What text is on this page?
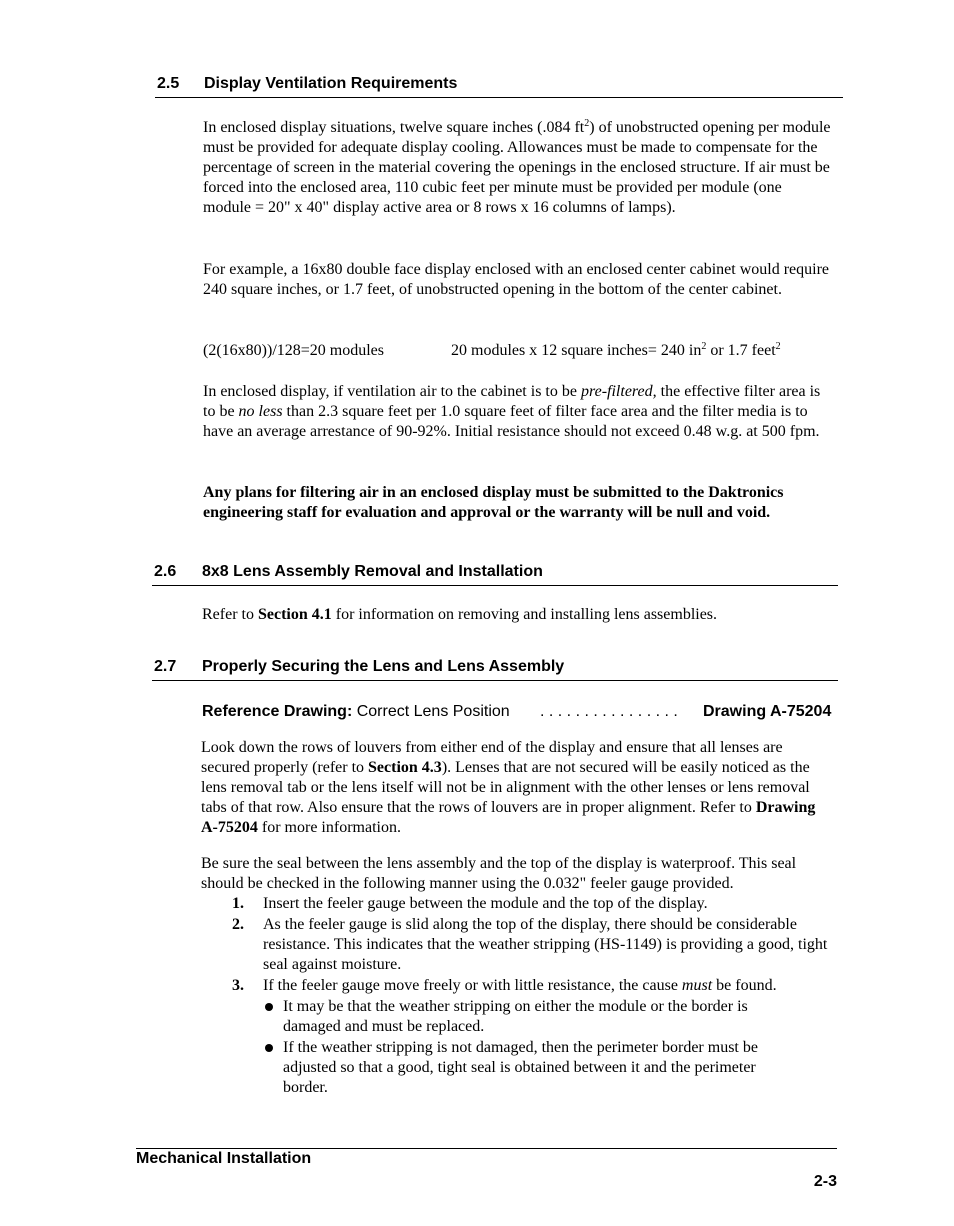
2.5 Display Ventilation Requirements

In enclosed display situations, twelve square inches (.084 $ft^2$) of unobstructed opening per module must be provided for adequate display cooling. Allowances must be made to compensate for the percentage of screen in the material covering the openings in the enclosed structure. If air must be forced into the enclosed area, 110 cubic feet per minute must be provided per module (one module = 20" x 40" display active area or 8 rows x 16 columns of lamps).

For example, a 16x80 double face display enclosed with an enclosed center cabinet would require 240 square inches, or 1.7 feet, of unobstructed opening in the bottom of the center cabinet.

(2(16x80))/128=20 modules	20 modules x 12 square inches= 240 $in^2$ or 1.7 feet$^2$

In enclosed display, if ventilation air to the cabinet is to be pre-filtered, the effective filter area is to be no less than 2.3 square feet per 1.0 square feet of filter face area and the filter media is to have an average arrestance of 90-92%. Initial resistance should not exceed 0.48 w.g. at 500 fpm.

Any plans for filtering air in an enclosed display must be submitted to the Daktronics engineering staff for evaluation and approval or the warranty will be null and void.

2.6 8x8 Lens Assembly Removal and Installation

Refer to Section 4.1 for information on removing and installing lens assemblies.

2.7 Properly Securing the Lens and Lens Assembly
Reference Drawing: Correct Lens Position . . . . . . . . . . . . . . . . Drawing A-75204

Look down the rows of louvers from either end of the display and ensure that all lenses are secured properly (refer to Section 4.3). Lenses that are not secured will be easily noticed as the lens removal tab or the lens itself will not be in alignment with the other lenses or lens removal tabs of that row. Also ensure that the rows of louvers are in proper alignment. Refer to Drawing A-75204 for more information.

Be sure the seal between the lens assembly and the top of the display is waterproof. This seal should be checked in the following manner using the 0.032" feeler gauge provided.

1. Insert the feeler gauge between the module and the top of the display.
2. As the feeler gauge is slid along the top of the display, there should be considerable resistance. This indicates that the weather stripping (HS-1149) is providing a good, tight seal against moisture.
3. If the feeler gauge move freely or with little resistance, the cause must be found.
It may be that the weather stripping on either the module or the border is damaged and must be replaced.
If the weather stripping is not damaged, then the perimeter border must be adjusted so that a good, tight seal is obtained between it and the perimeter border.
Mechanical Installation
2-3
